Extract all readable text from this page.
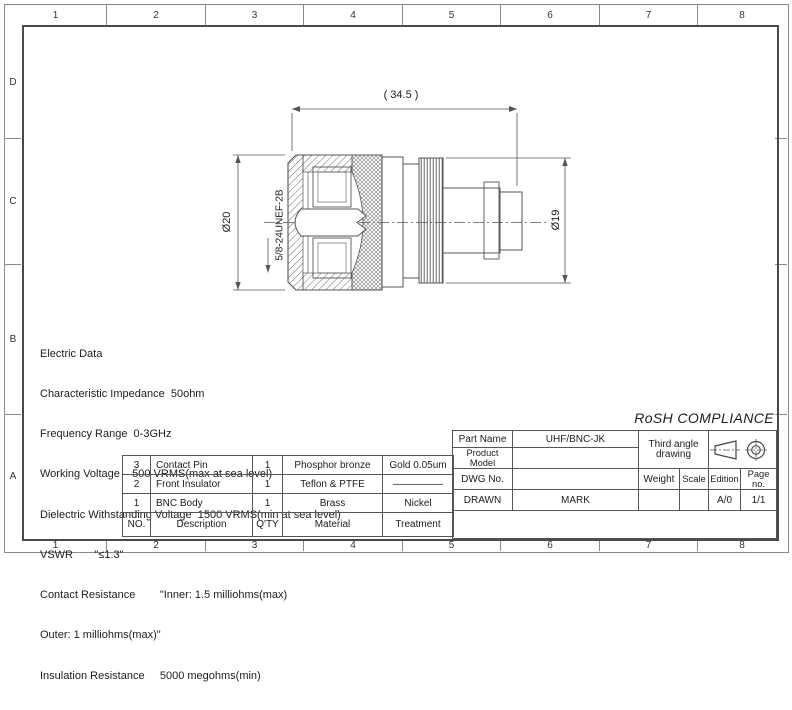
1	2	3	4	5	6	7	8
1	2	3	4	5	6	7	8
D
C
B
A
( 34.5 )
Ø20	Ø19
5/8-24UNEF-2B

Electric Data

Characteristic Impedance  50ohm

Frequency Range  0-3GHz

Working Voltage    500 VRMS(max at sea level)

Dielectric Withstanding Voltage  1500 VRMS(min at sea level)

VSWR       "≤1.3"

Contact Resistance        "Inner: 1.5 milliohms(max)

Outer: 1 milliohms(max)"

Insulation Resistance     5000 megohms(min)

RoSH COMPLIANCE
3	Contact Pin	1	Phosphor bronze	Gold 0.05um
2	Front Insulator	1	Teflon & PTFE	—————
1	BNC Body	1	Brass	Nickel
NO.	Description	Q'TY	Material	Treatment
Part Name	UHF/BNC-JK	Third angle drawing	

Product Model					
DWG No.		Weight	Scale	Edition	Page no.
DRAWN	MARK			A/0	1/1
